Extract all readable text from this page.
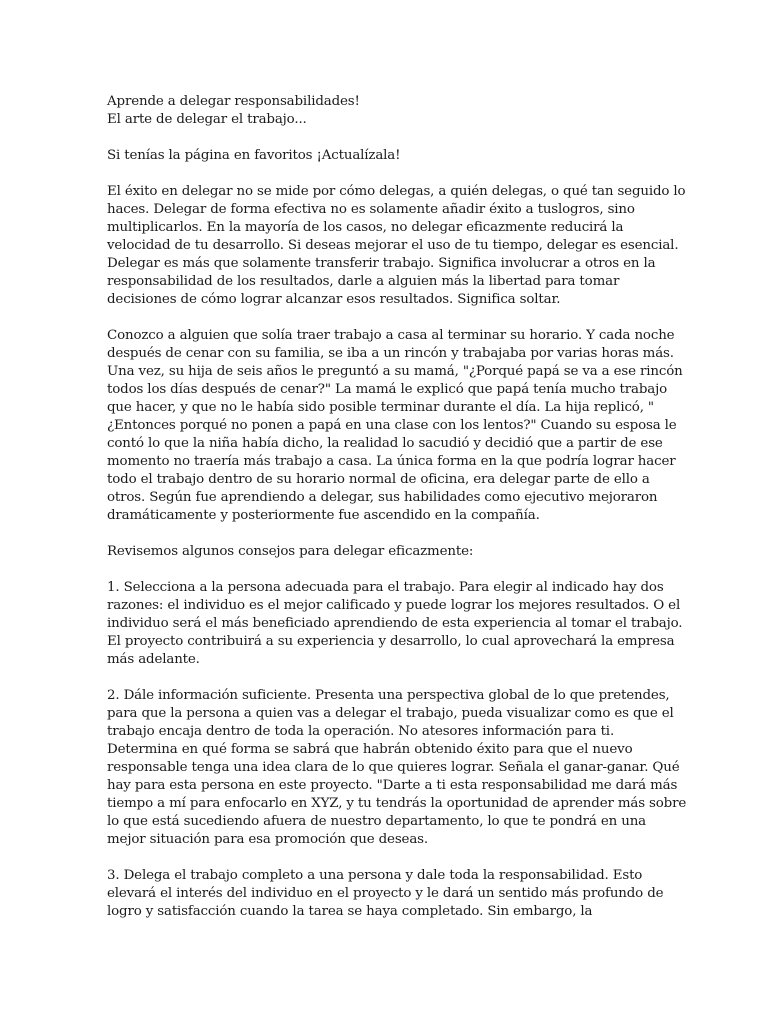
Aprende a delegar responsabilidades!
El arte de delegar el trabajo...
Si tenías la página en favoritos ¡Actualízala!
El éxito en delegar no se mide por cómo delegas, a quién delegas, o qué tan seguido lo
haces. Delegar de forma efectiva no es solamente añadir éxito a tuslogros, sino
multiplicarlos. En la mayoría de los casos, no delegar eficazmente reducirá la
velocidad de tu desarrollo. Si deseas mejorar el uso de tu tiempo, delegar es esencial.
Delegar es más que solamente transferir trabajo. Significa involucrar a otros en la
responsabilidad de los resultados, darle a alguien más la libertad para tomar
decisiones de cómo lograr alcanzar esos resultados. Significa soltar.
Conozco a alguien que solía traer trabajo a casa al terminar su horario. Y cada noche
después de cenar con su familia, se iba a un rincón y trabajaba por varias horas más.
Una vez, su hija de seis años le preguntó a su mamá, "¿Porqué papá se va a ese rincón
todos los días después de cenar?" La mamá le explicó que papá tenía mucho trabajo
que hacer, y que no le había sido posible terminar durante el día. La hija replicó, "
¿Entonces porqué no ponen a papá en una clase con los lentos?" Cuando su esposa le
contó lo que la niña había dicho, la realidad lo sacudió y decidió que a partir de ese
momento no traería más trabajo a casa. La única forma en la que podría lograr hacer
todo el trabajo dentro de su horario normal de oficina, era delegar parte de ello a
otros. Según fue aprendiendo a delegar, sus habilidades como ejecutivo mejoraron
dramáticamente y posteriormente fue ascendido en la compañía.
Revisemos algunos consejos para delegar eficazmente:
1. Selecciona a la persona adecuada para el trabajo. Para elegir al indicado hay dos
razones: el individuo es el mejor calificado y puede lograr los mejores resultados. O el
individuo será el más beneficiado aprendiendo de esta experiencia al tomar el trabajo.
El proyecto contribuirá a su experiencia y desarrollo, lo cual aprovechará la empresa
más adelante.
2. Dále información suficiente. Presenta una perspectiva global de lo que pretendes,
para que la persona a quien vas a delegar el trabajo, pueda visualizar como es que el
trabajo encaja dentro de toda la operación. No atesores información para ti.
Determina en qué forma se sabrá que habrán obtenido éxito para que el nuevo
responsable tenga una idea clara de lo que quieres lograr. Señala el ganar-ganar. Qué
hay para esta persona en este proyecto. "Darte a ti esta responsabilidad me dará más
tiempo a mí para enfocarlo en XYZ, y tu tendrás la oportunidad de aprender más sobre
lo que está sucediendo afuera de nuestro departamento, lo que te pondrá en una
mejor situación para esa promoción que deseas.
3. Delega el trabajo completo a una persona y dale toda la responsabilidad. Esto
elevará el interés del individuo en el proyecto y le dará un sentido más profundo de
logro y satisfacción cuando la tarea se haya completado. Sin embargo, la
